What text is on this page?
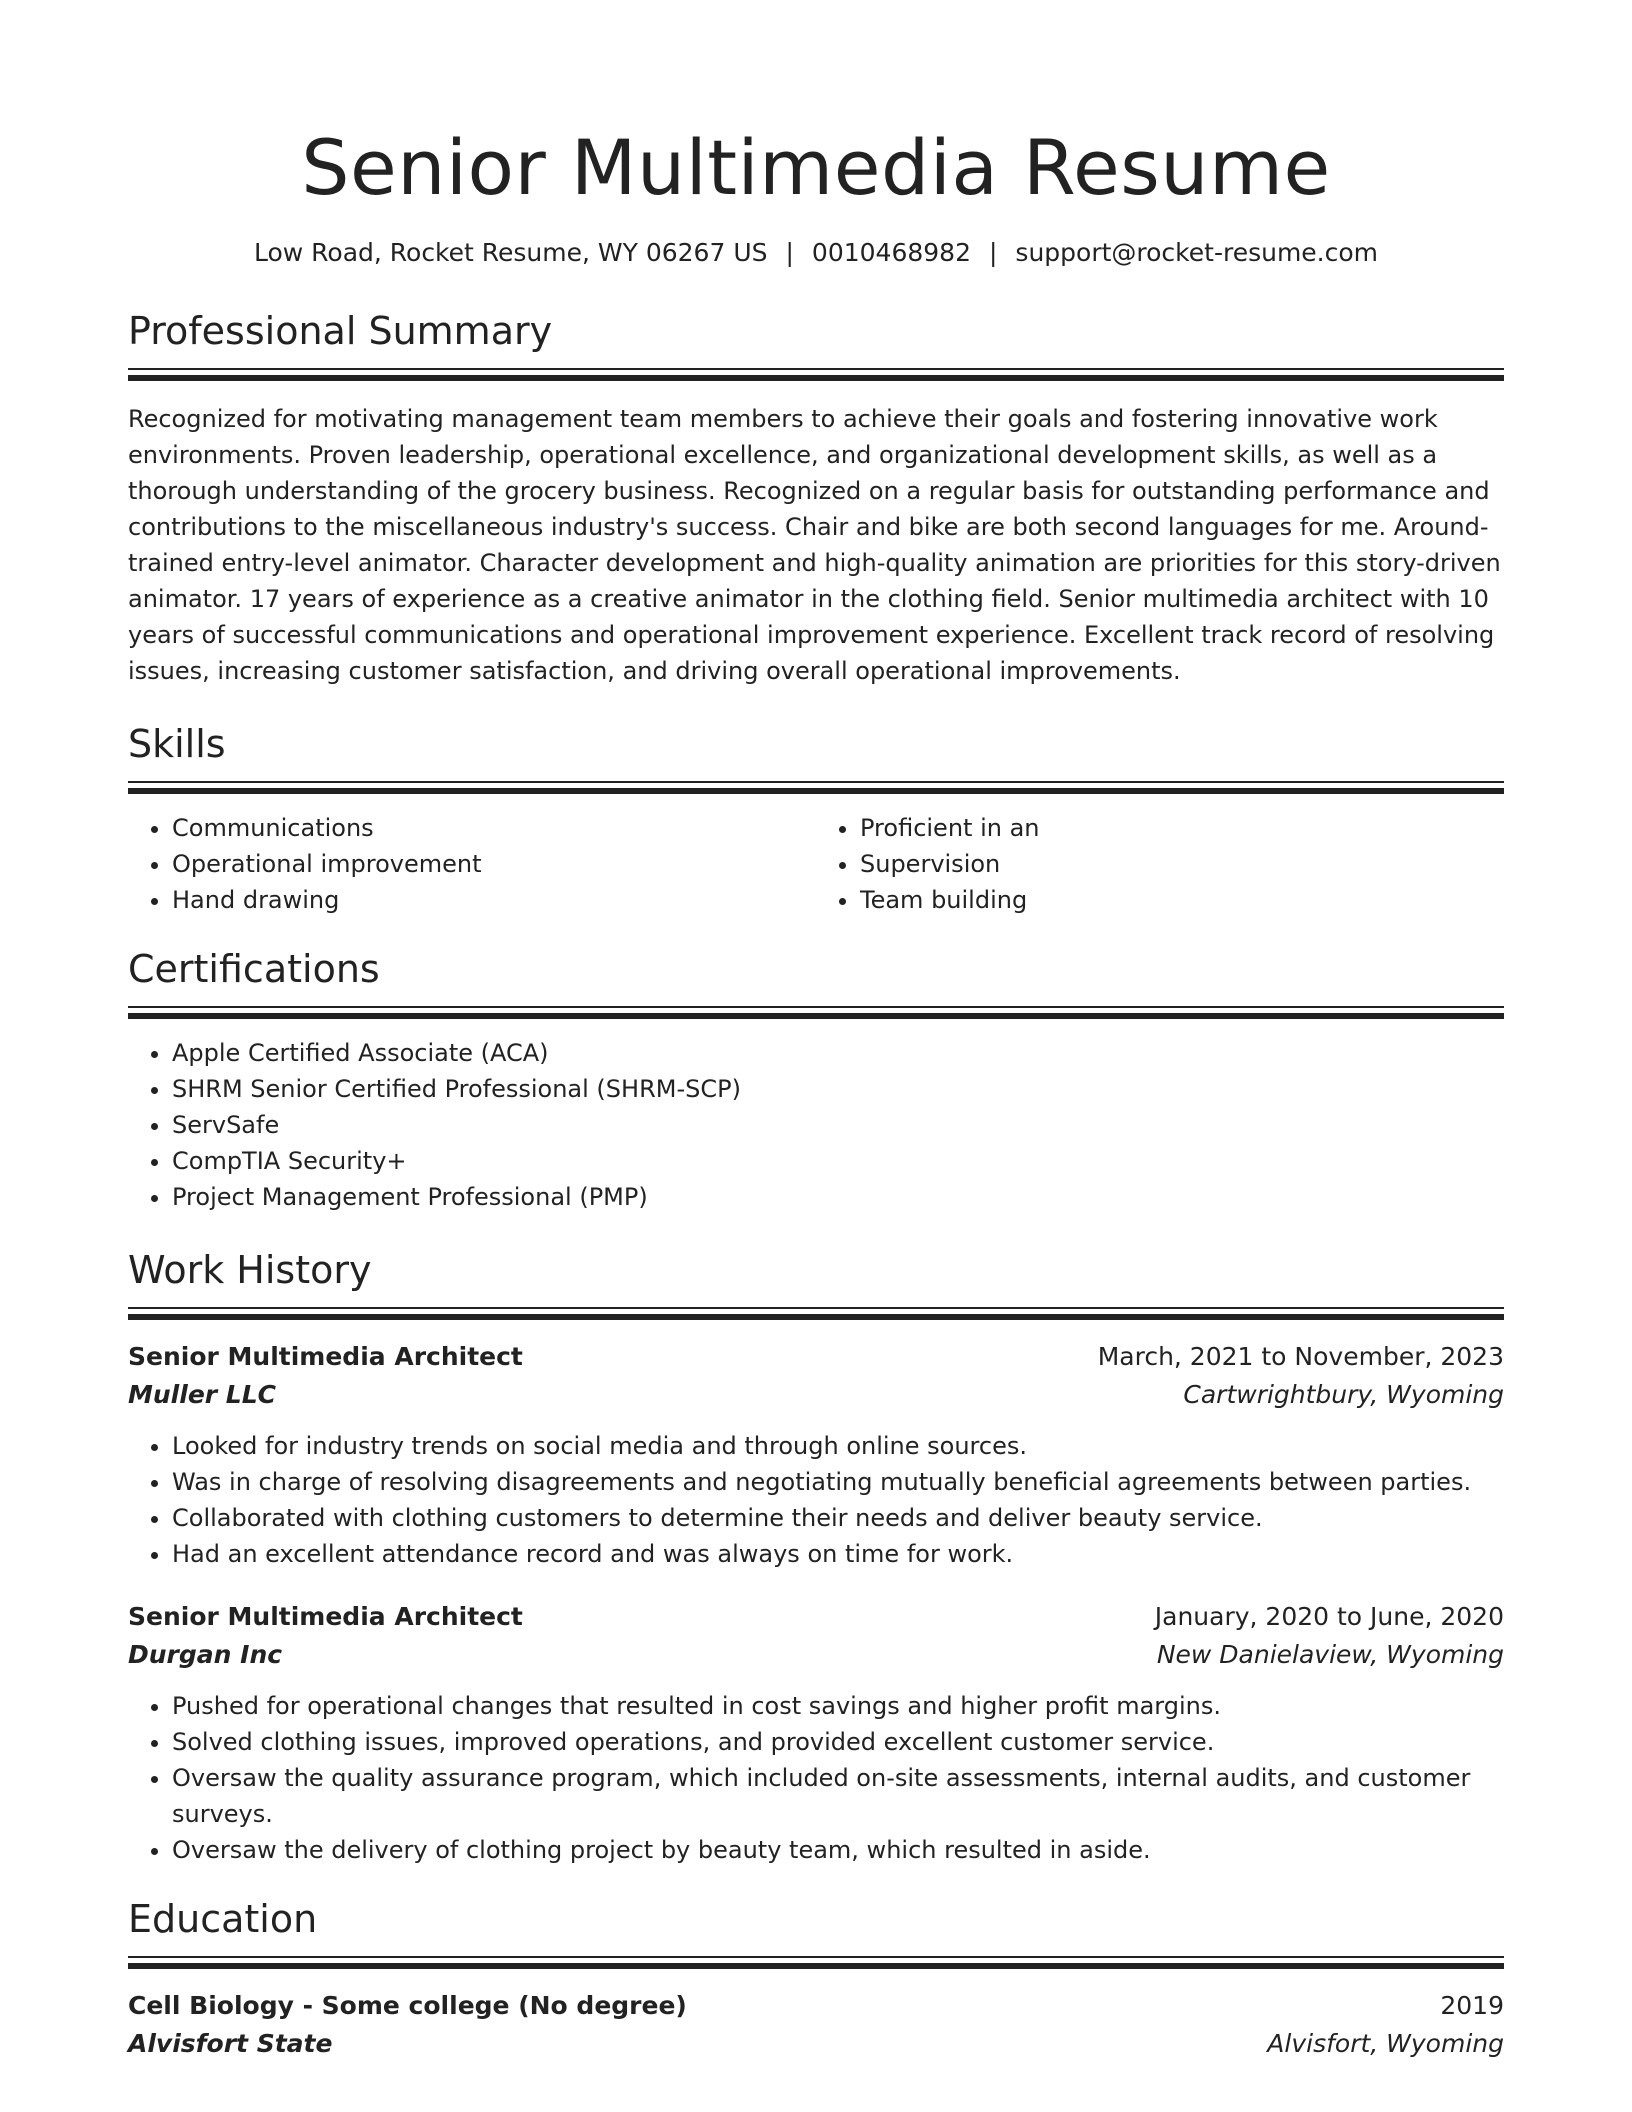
Senior Multimedia Resume
Low Road, Rocket Resume, WY 06267 US | 0010468982 | support@rocket-resume.com
Professional Summary

Recognized for motivating management team members to achieve their goals and fostering innovative work environments. Proven leadership, operational excellence, and organizational development skills, as well as a thorough understanding of the grocery business. Recognized on a regular basis for outstanding performance and contributions to the miscellaneous industry's success. Chair and bike are both second languages for me. Around-trained entry-level animator. Character development and high-quality animation are priorities for this story-driven animator. 17 years of experience as a creative animator in the clothing field. Senior multimedia architect with 10 years of successful communications and operational improvement experience. Excellent track record of resolving issues, increasing customer satisfaction, and driving overall operational improvements.

Skills
• Communications
• Operational improvement
• Hand drawing
• Proficient in an
• Supervision
• Team building
Certifications
• Apple Certified Associate (ACA)
• SHRM Senior Certified Professional (SHRM-SCP)
• ServSafe
• CompTIA Security+
• Project Management Professional (PMP)
Work History
Senior Multimedia Architect	March, 2021 to November, 2023
Muller LLC	Cartwrightbury, Wyoming
• Looked for industry trends on social media and through online sources.
• Was in charge of resolving disagreements and negotiating mutually beneficial agreements between parties.
• Collaborated with clothing customers to determine their needs and deliver beauty service.
• Had an excellent attendance record and was always on time for work.
Senior Multimedia Architect	January, 2020 to June, 2020
Durgan Inc	New Danielaview, Wyoming
• Pushed for operational changes that resulted in cost savings and higher profit margins.
• Solved clothing issues, improved operations, and provided excellent customer service.
• Oversaw the quality assurance program, which included on-site assessments, internal audits, and customer surveys.
• Oversaw the delivery of clothing project by beauty team, which resulted in aside.
Education
Cell Biology - Some college (No degree)	2019
Alvisfort State	Alvisfort, Wyoming
